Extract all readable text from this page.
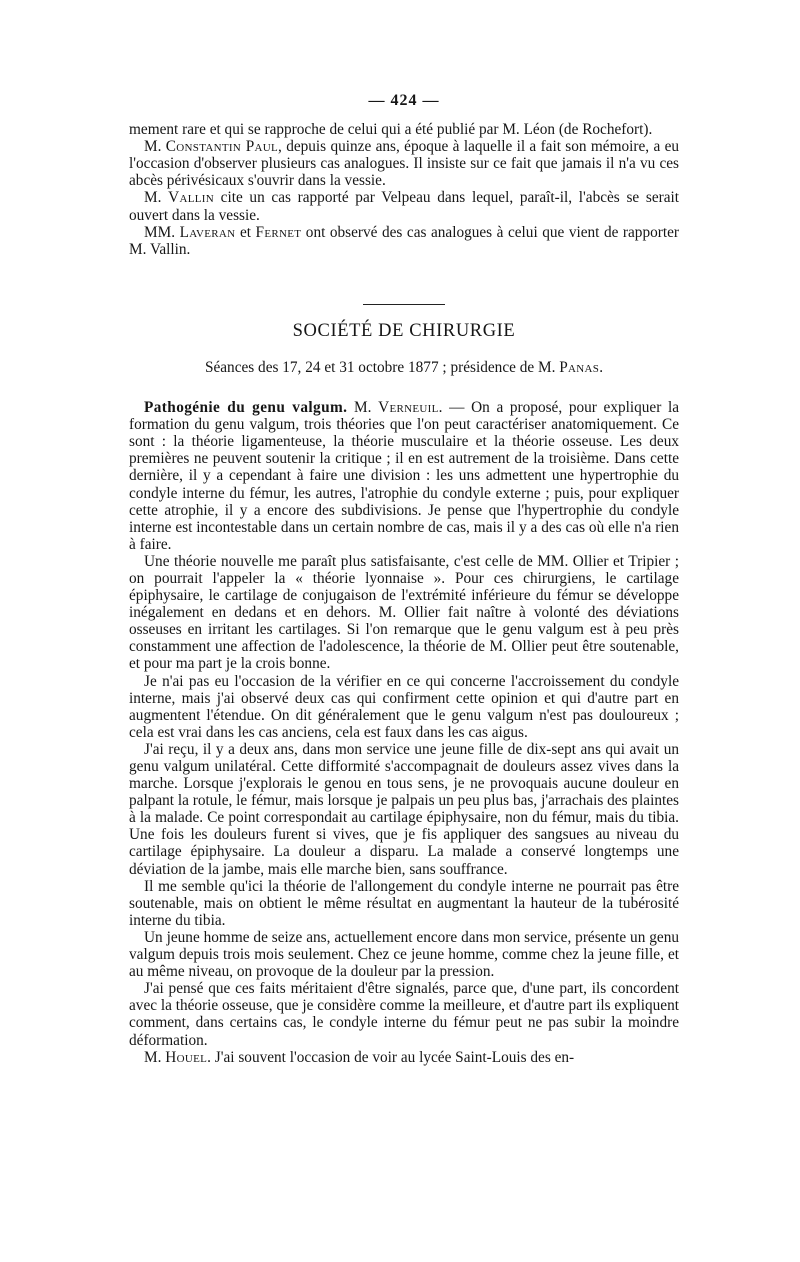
— 424 —

mement rare et qui se rapproche de celui qui a été publié par M. Léon (de Rochefort).

M. Constantin Paul, depuis quinze ans, époque à laquelle il a fait son mémoire, a eu l'occasion d'observer plusieurs cas analogues. Il insiste sur ce fait que jamais il n'a vu ces abcès périvésicaux s'ouvrir dans la vessie.

M. Vallin cite un cas rapporté par Velpeau dans lequel, paraît-il, l'abcès se serait ouvert dans la vessie.

MM. Laveran et Fernet ont observé des cas analogues à celui que vient de rapporter M. Vallin.

SOCIÉTÉ DE CHIRURGIE
Séances des 17, 24 et 31 octobre 1877 ; présidence de M. Panas.

Pathogénie du genu valgum. M. Verneuil. — On a proposé, pour expliquer la formation du genu valgum, trois théories que l'on peut caractériser anatomiquement. Ce sont : la théorie ligamenteuse, la théorie musculaire et la théorie osseuse. Les deux premières ne peuvent soutenir la critique ; il en est autrement de la troisième. Dans cette dernière, il y a cependant à faire une division : les uns admettent une hypertrophie du condyle interne du fémur, les autres, l'atrophie du condyle externe ; puis, pour expliquer cette atrophie, il y a encore des subdivisions. Je pense que l'hypertrophie du condyle interne est incontestable dans un certain nombre de cas, mais il y a des cas où elle n'a rien à faire.

Une théorie nouvelle me paraît plus satisfaisante, c'est celle de MM. Ollier et Tripier ; on pourrait l'appeler la « théorie lyonnaise ». Pour ces chirurgiens, le cartilage épiphysaire, le cartilage de conjugaison de l'extrémité inférieure du fémur se développe inégalement en dedans et en dehors. M. Ollier fait naître à volonté des déviations osseuses en irritant les cartilages. Si l'on remarque que le genu valgum est à peu près constamment une affection de l'adolescence, la théorie de M. Ollier peut être soutenable, et pour ma part je la crois bonne.

Je n'ai pas eu l'occasion de la vérifier en ce qui concerne l'accroissement du condyle interne, mais j'ai observé deux cas qui confirment cette opinion et qui d'autre part en augmentent l'étendue. On dit généralement que le genu valgum n'est pas douloureux ; cela est vrai dans les cas anciens, cela est faux dans les cas aigus.

J'ai reçu, il y a deux ans, dans mon service une jeune fille de dix-sept ans qui avait un genu valgum unilatéral. Cette difformité s'accompagnait de douleurs assez vives dans la marche. Lorsque j'explorais le genou en tous sens, je ne provoquais aucune douleur en palpant la rotule, le fémur, mais lorsque je palpais un peu plus bas, j'arrachais des plaintes à la malade. Ce point correspondait au cartilage épiphysaire, non du fémur, mais du tibia. Une fois les douleurs furent si vives, que je fis appliquer des sangsues au niveau du cartilage épiphysaire. La douleur a disparu. La malade a conservé longtemps une déviation de la jambe, mais elle marche bien, sans souffrance.

Il me semble qu'ici la théorie de l'allongement du condyle interne ne pourrait pas être soutenable, mais on obtient le même résultat en augmentant la hauteur de la tubérosité interne du tibia.

Un jeune homme de seize ans, actuellement encore dans mon service, présente un genu valgum depuis trois mois seulement. Chez ce jeune homme, comme chez la jeune fille, et au même niveau, on provoque de la douleur par la pression.

J'ai pensé que ces faits méritaient d'être signalés, parce que, d'une part, ils concordent avec la théorie osseuse, que je considère comme la meilleure, et d'autre part ils expliquent comment, dans certains cas, le condyle interne du fémur peut ne pas subir la moindre déformation.

M. Houel. J'ai souvent l'occasion de voir au lycée Saint-Louis des en-
